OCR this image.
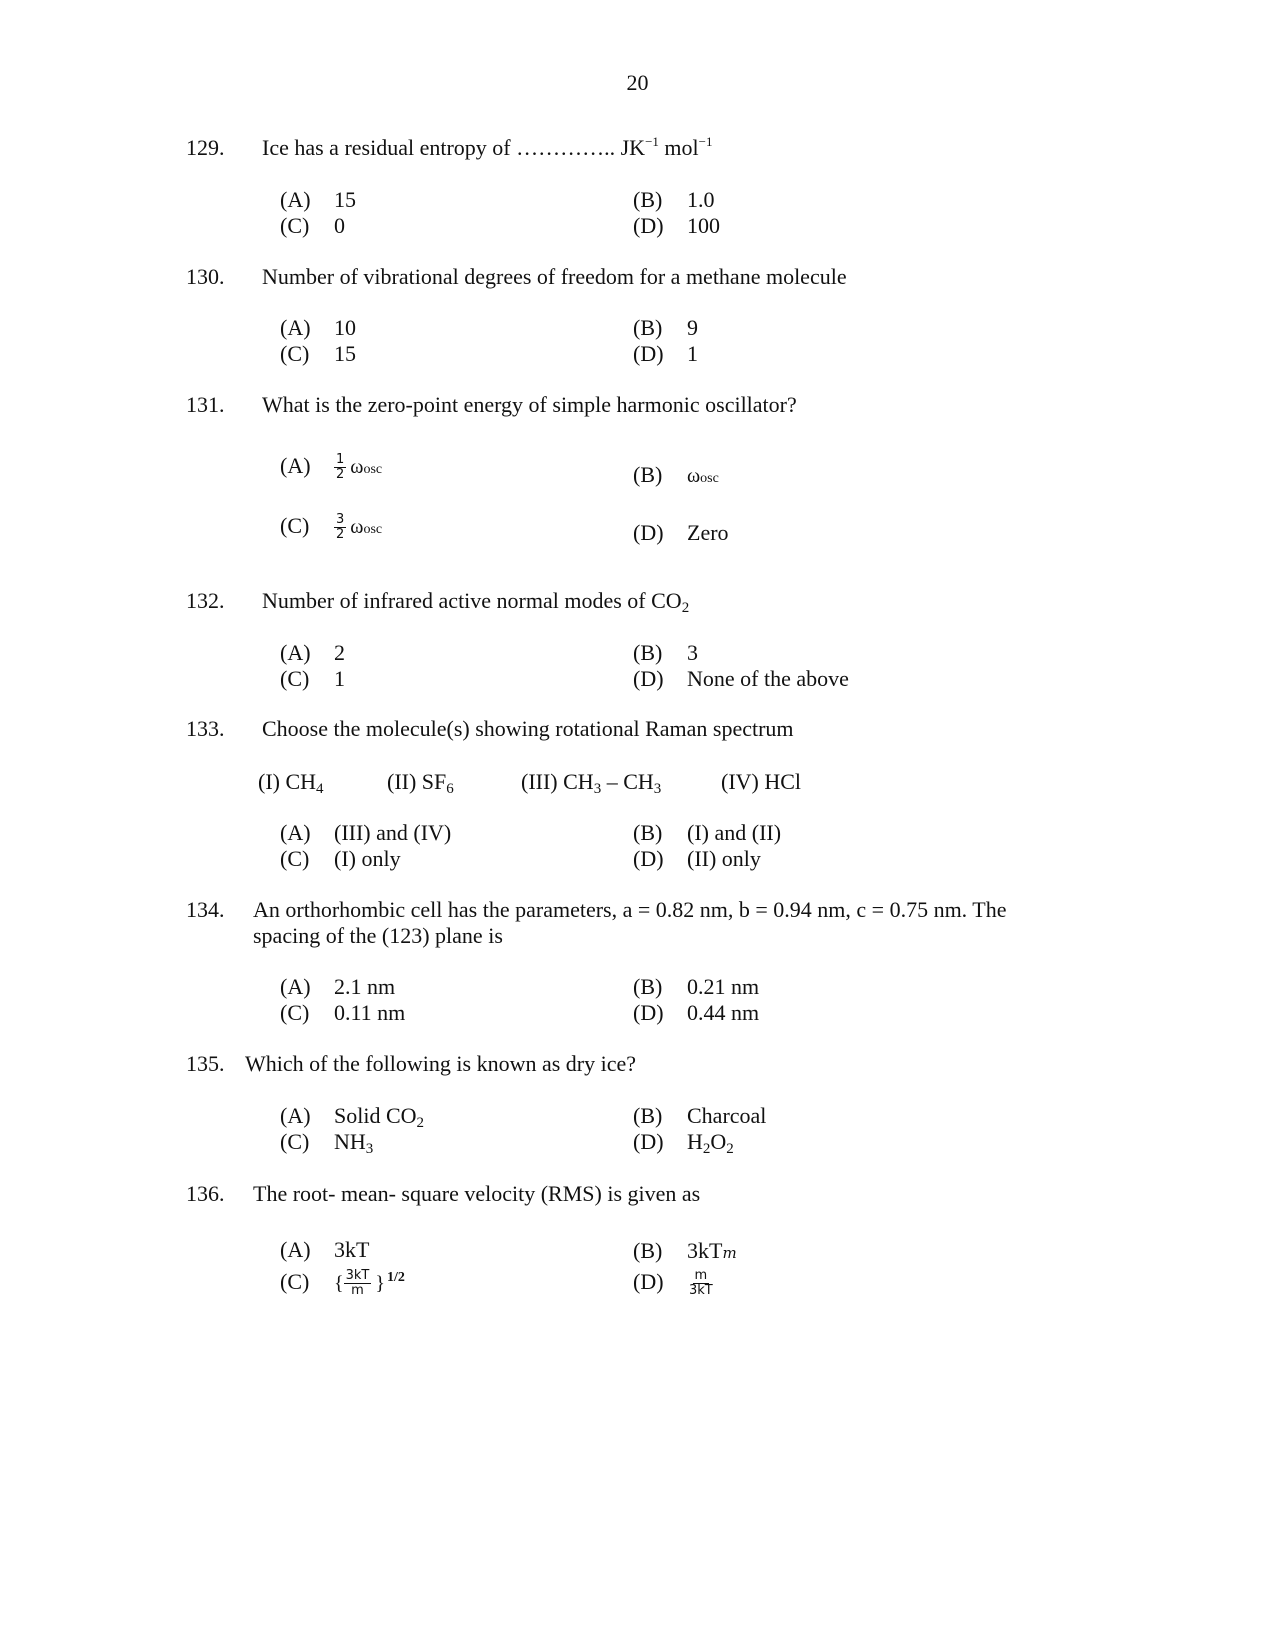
20
129. Ice has a residual entropy of ………….. $JK^{-1}$ mol$^{-1}$
(A) 15	(B) 1.0
(C) 0	(D) 100
130. Number of vibrational degrees of freedom for a methane molecule
(A) 10	(B) 9
(C) 15	(D) 1
131. What is the zero-point energy of simple harmonic oscillator?
$(A) \frac{1}{2}$ ωosc	(B) ωosc
$(C) \frac{3}{2}$ ωosc	(D) Zero
132. Number of infrared active normal modes of $CO_2$
(A) 2	(B) 3
(C) 1	(D) None of the above
133. Choose the molecule(s) showing rotational Raman spectrum
(I) $CH_4$	(II) $SF_6$	(III) $CH_3 - CH_3$	(IV) HCl
(A) (III) and (IV)	(B) (I) and (II)
(C) (I) only	(D) (II) only
134. An orthorhombic cell has the parameters, a = 0.82 nm, b = 0.94 nm, c = 0.75 nm. The
spacing of the (123) plane is
(A) 2.1 nm	(B) 0.21 nm
(C) 0.11 nm	(D) 0.44 nm
135. Which of the following is known as dry ice?
(A) Solid $CO_2$	(B) Charcoal
(C) $NH_3$	(D) $H_2O_2$
136. The root- mean- square velocity (RMS) is given as
(A) 3kT	(B) 3kTm
(C) { $\frac{3kT}{m}$ } $^{1/2}$	$(D) \frac{m}{3kT}$
